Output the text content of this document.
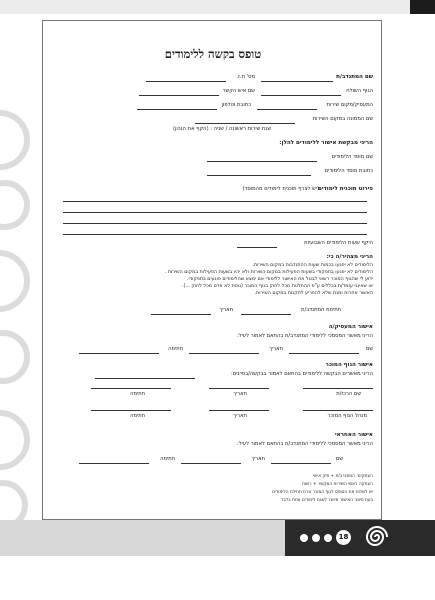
טופס בקשה ללימודים
שם המתנדב/ת
מס' ת.ז.
הגוף השולח
שם איש הקשר
המעסיק/מקום שירות
כתובת וטלפון
שם הממונה במקום השירות
שנת שירות ראשונה / שניה : (הקף את הנכון)
הריני מבקשת אישור ללימודים להלן:
שם מוסד הלימודים
כתובת מוסד הלימודים
פירוט תוכנית לימודים
(יש לצרף תוכנית לימודים מהמוסד)
היקף שעות הלימודים השבועיות
הריני מצהיר/ה כי:
הלימודים לא יפגעו בכמות שעות ההתנדבות במקום השירות.
הלימודים לא יפגעו בתפקודי בשעות הפעילות במקום השירות ולא יהיו בשעות הפעילות במקום השירות .
ידוע לי שהגוף המוכר רשאי לבטל את האישור ללימודי אם ימצא שהלימודים פוגעים בתפקודי.
או שאינני עומד/ת בכללים ע"פ ההחלטת מכל לחוק בגוף המוכר (נוסח לא אדם מכל לחוק ...).
האשור אחרות ומנת שלא להפריע לתקנות במקום השירות.
חתימת המתנדב/ת
תאריך
אישור המעסיק/ה
הריני מאשר המסמכי ללימודי המתנדב/ת בהתאם לאמור לעיל:
שם
תאריך
חתימה
אישור הגוף המוכר
הריני מאשרים הבקשה ללימודים בהתאם לאמור בבקשה/בסייגים:
שם הרכז/ת
תאריך
חתימה
מנהל הגוף המוכר
תאריך
חתימה
אישור האחראי
הריני מאשר המסמכי ללימודי המתנדב/ת בהתאם לאמור לעיל:
שם
תאריך
חתימה
העתקים: המתנדב/ת + תיק אישי
העתקה ראשי השירות המקשר + רשות
יש לשלוח את הטופס לגוף המוכר טרם תחילת הלימודים
בעת סיום: האישור מיועד לשנת לימודים אחת בלבד
18
